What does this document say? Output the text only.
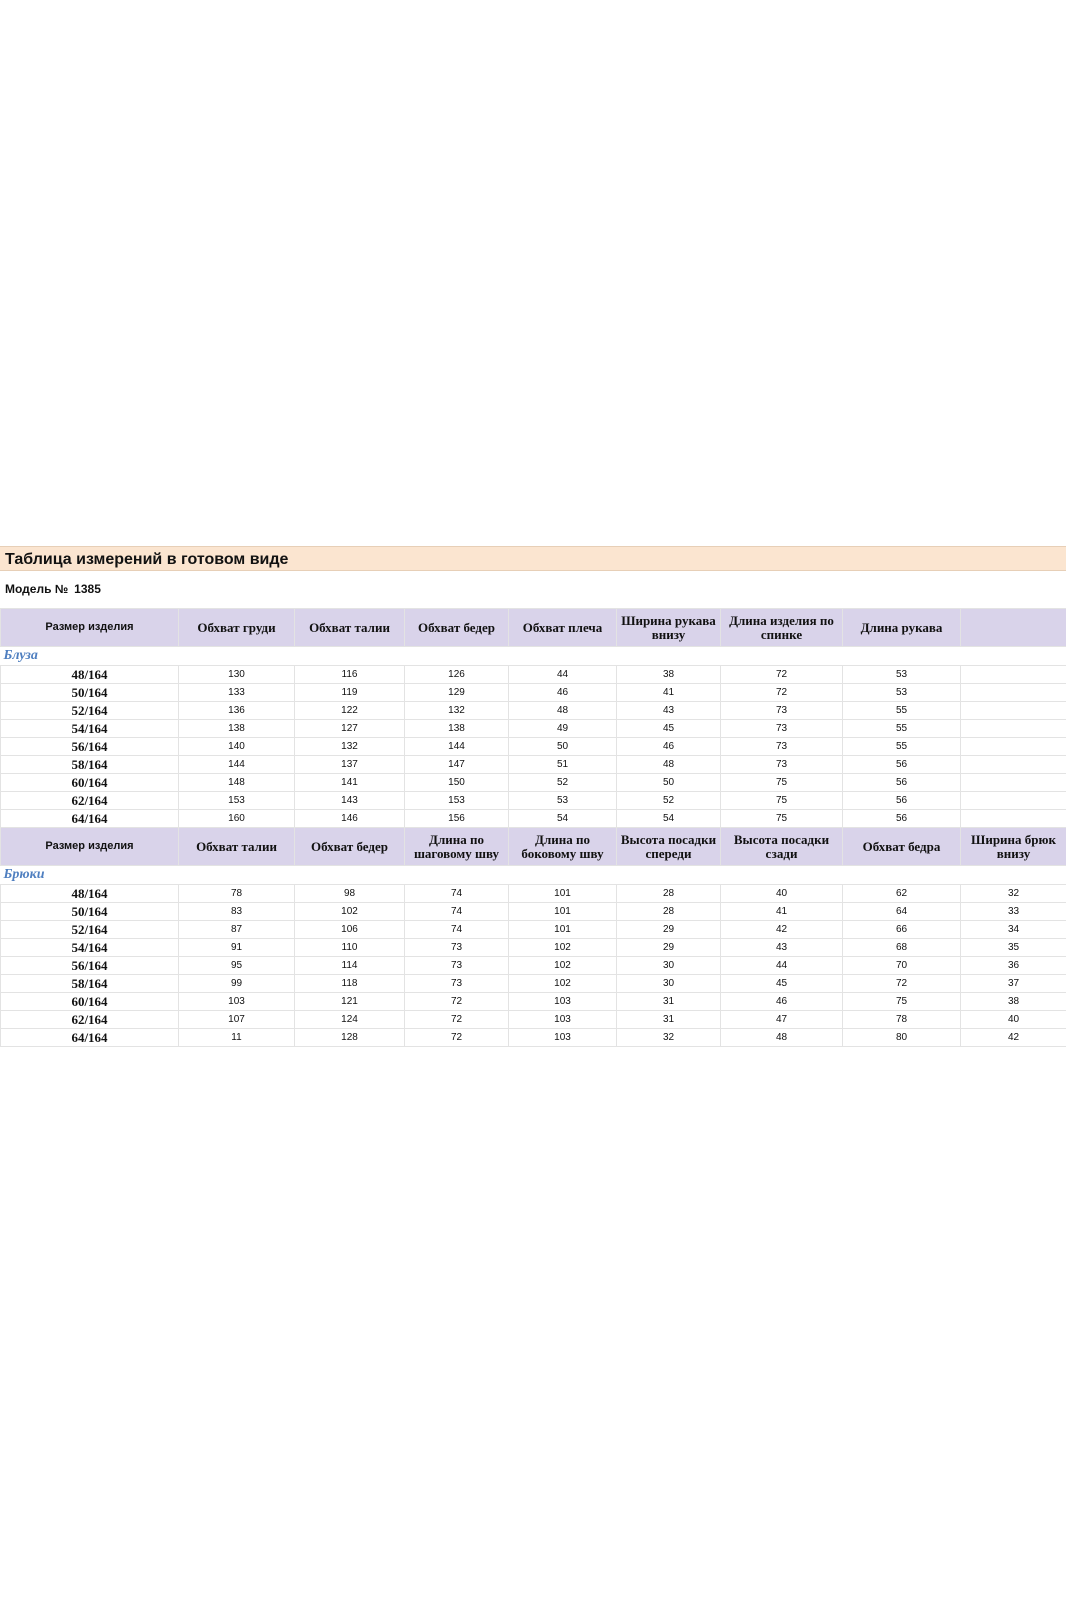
Таблица измерений в готовом виде
Модель № 1385
Размер изделия	Обхват груди	Обхват талии	Обхват бедер	Обхват плеча	Ширина рукава внизу	Длина изделия по спинке	Длина рукава	
Блуза								
48/164	130	116	126	44	38	72	53	
50/164	133	119	129	46	41	72	53	
52/164	136	122	132	48	43	73	55	
54/164	138	127	138	49	45	73	55	
56/164	140	132	144	50	46	73	55	
58/164	144	137	147	51	48	73	56	
60/164	148	141	150	52	50	75	56	
62/164	153	143	153	53	52	75	56	
64/164	160	146	156	54	54	75	56	
Размер изделия	Обхват талии	Обхват бедер	Длина по шаговому шву	Длина по боковому шву	Высота посадки спереди	Высота посадки сзади	Обхват бедра	Ширина брюк внизу
Брюки								
48/164	78	98	74	101	28	40	62	32
50/164	83	102	74	101	28	41	64	33
52/164	87	106	74	101	29	42	66	34
54/164	91	110	73	102	29	43	68	35
56/164	95	114	73	102	30	44	70	36
58/164	99	118	73	102	30	45	72	37
60/164	103	121	72	103	31	46	75	38
62/164	107	124	72	103	31	47	78	40
64/164	11	128	72	103	32	48	80	42
